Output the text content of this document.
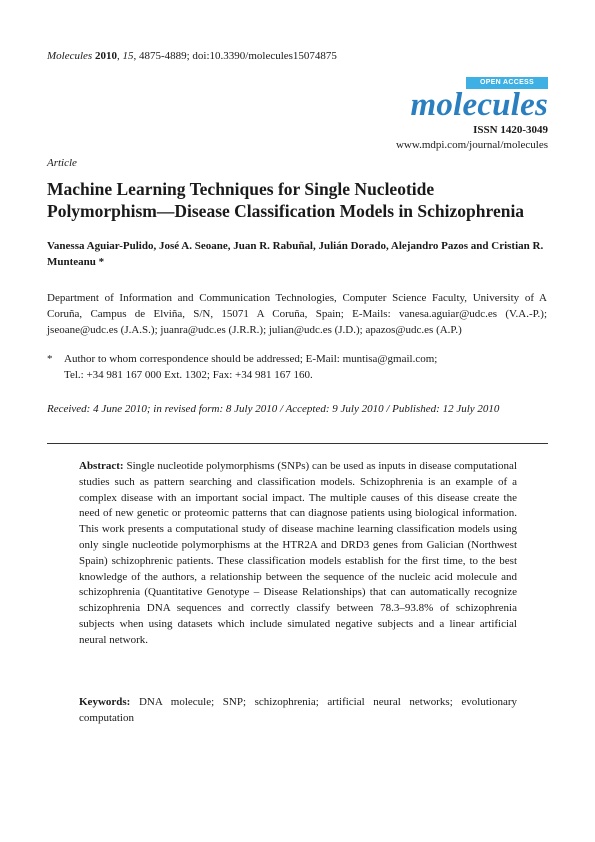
Molecules 2010, 15, 4875-4889; doi:10.3390/molecules15074875
OPEN ACCESS
molecules
ISSN 1420-3049
www.mdpi.com/journal/molecules
Article
Machine Learning Techniques for Single Nucleotide Polymorphism—Disease Classification Models in Schizophrenia
Vanessa Aguiar-Pulido, José A. Seoane, Juan R. Rabuñal, Julián Dorado, Alejandro Pazos and Cristian R. Munteanu *
Department of Information and Communication Technologies, Computer Science Faculty, University of A Coruña, Campus de Elviña, S/N, 15071 A Coruña, Spain; E-Mails: vanesa.aguiar@udc.es (V.A.-P.); jseoane@udc.es (J.A.S.); juanra@udc.es (J.R.R.); julian@udc.es (J.D.); apazos@udc.es (A.P.)
* Author to whom correspondence should be addressed; E-Mail: muntisa@gmail.com;
Tel.: +34 981 167 000 Ext. 1302; Fax: +34 981 167 160.
Received: 4 June 2010; in revised form: 8 July 2010 / Accepted: 9 July 2010 / Published: 12 July 2010

Abstract: Single nucleotide polymorphisms (SNPs) can be used as inputs in disease computational studies such as pattern searching and classification models. Schizophrenia is an example of a complex disease with an important social impact. The multiple causes of this disease create the need of new genetic or proteomic patterns that can diagnose patients using biological information. This work presents a computational study of disease machine learning classification models using only single nucleotide polymorphisms at the HTR2A and DRD3 genes from Galician (Northwest Spain) schizophrenic patients. These classification models establish for the first time, to the best knowledge of the authors, a relationship between the sequence of the nucleic acid molecule and schizophrenia (Quantitative Genotype – Disease Relationships) that can automatically recognize schizophrenia DNA sequences and correctly classify between 78.3–93.8% of schizophrenia subjects when using datasets which include simulated negative subjects and a linear artificial neural network.

Keywords: DNA molecule; SNP; schizophrenia; artificial neural networks; evolutionary computation
